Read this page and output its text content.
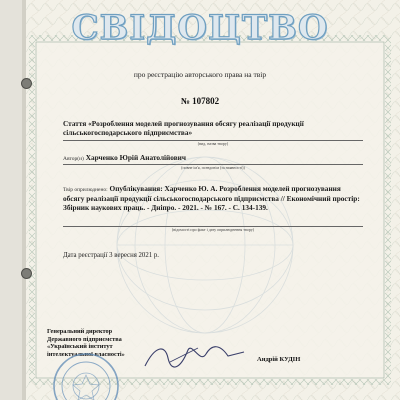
СВІДОЦТВО
про реєстрацію авторського права на твір
№ 107802
Стаття «Розроблення моделей прогнозування обсягу реалізації продукції сільськогосподарського підприємства»
(вид, назва твору)
Автор(и) Харченко Юрій Анатолійович
(повне ім'я, псевдонім (за наявності))
Твір оприлюднено: Опублікування: Харченко Ю. А. Розроблення моделей прогнозування обсягу реалізації продукції сільськогосподарського підприємства // Економічний простір: Збірник наукових праць. - Дніпро. - 2021. - № 167. - С. 134-139.
(відомості про факт і дату оприлюднення твору)
Дата реєстрації 3 вересня 2021 р.
Генеральний директор
Державного підприємства
«Український інститут
інтелектуальної власності»
Андрій КУДІН
